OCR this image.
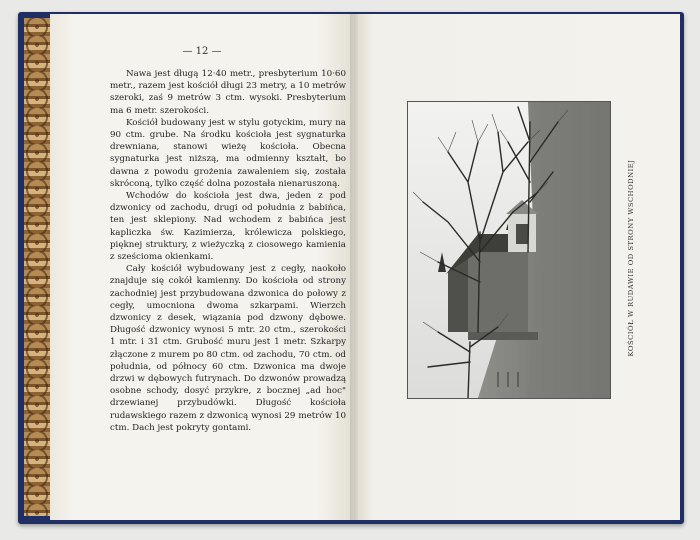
— 12 —

Nawa jest długą 12·40 metr., presbyterium 10·60 metr., razem jest kościół długi 23 metry, a 10 metrów szeroki, zaś 9 metrów 3 ctm. wysoki. Presbyterium ma 6 metr. szerokości.

Kościół budowany jest w stylu gotyckim, mury na 90 ctm. grube. Na środku kościoła jest sygnaturka drewniana, stanowi wieżę kościoła. Obecna sygnaturka jest niższą, ma odmienny kształt, bo dawna z powodu grożenia zawaleniem się, została skróconą, tylko część dolna pozostała nienaruszoną.

Wchodów do kościoła jest dwa, jeden z pod dzwonicy od zachodu, drugi od południa z babińca, ten jest sklepiony. Nad wchodem z babińca jest kapliczka św. Kazimierza, królewicza polskiego, pięknej struktury, z wieżyczką z ciosowego kamienia z sześcioma okienkami.

Cały kościół wybudowany jest z cegły, naokoło znajduje się cokół kamienny. Do kościoła od strony zachodniej jest przybudowana dzwonica do połowy z cegły, umocniona dwoma szkarpami. Wierzch dzwonicy z desek, wiązania pod dzwony dębowe. Długość dzwonicy wynosi 5 mtr. 20 ctm., szerokości 1 mtr. i 31 ctm. Grubość muru jest 1 metr. Szkarpy złączone z murem po 80 ctm. od zachodu, 70 ctm. od południa, od północy 60 ctm. Dzwonica ma dwoje drzwi w dębowych futrynach. Do dzwonów prowadzą osobne schody, dosyć przykre, z bocznej „ad hoc" drzewianej przybudówki. Długość kościoła rudawskiego razem z dzwonicą wynosi 29 metrów 10 ctm. Dach jest pokryty gontami.

KOŚCIÓŁ W RUDAWIE OD STRONY WSCHODNIEJ
